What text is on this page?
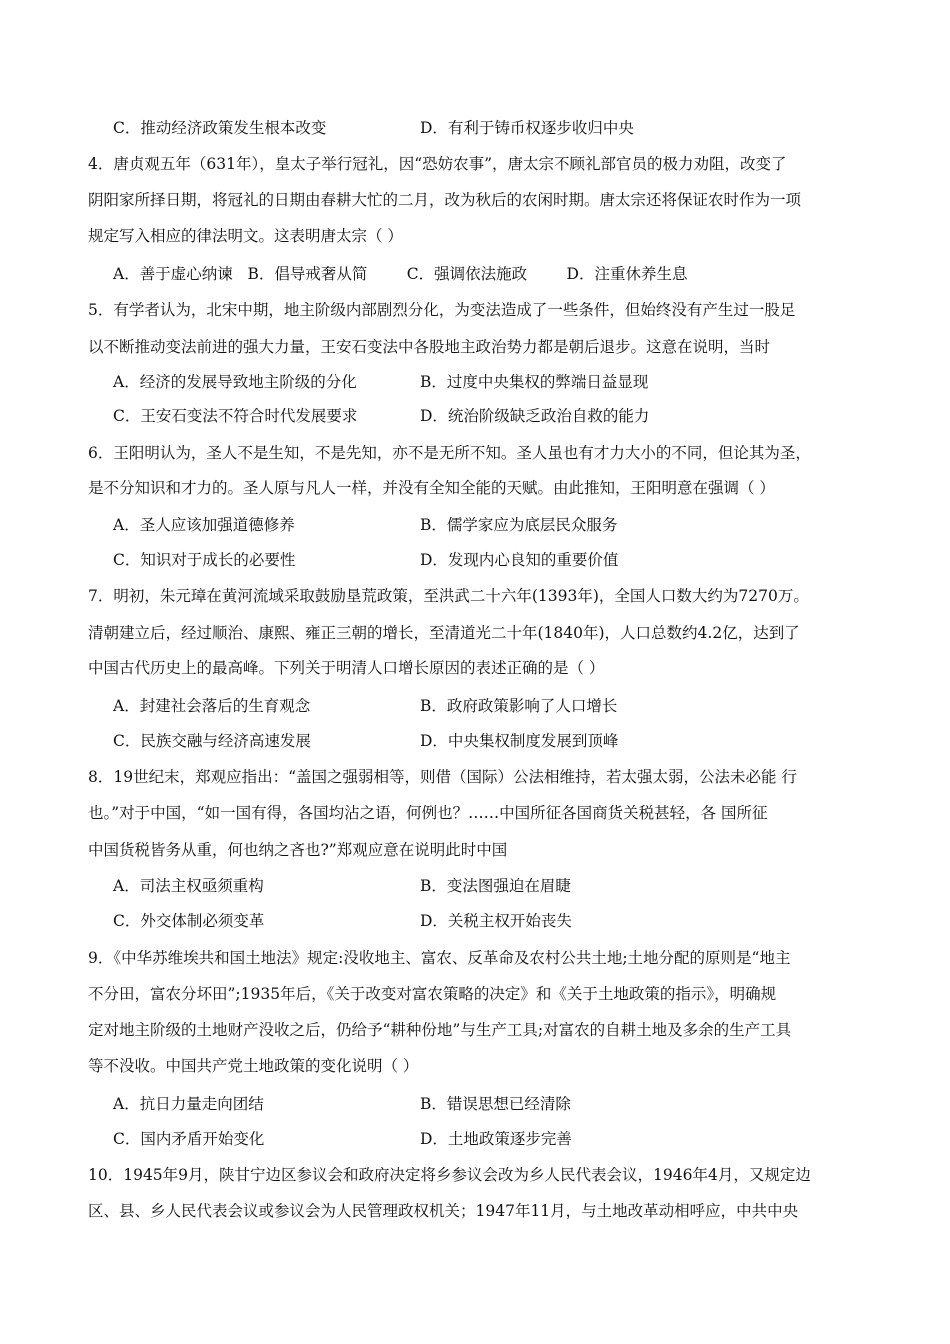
C．推动经济政策发生根本改变	D．有利于铸币权逐步收归中央
4．唐贞观五年（631年），皇太子举行冠礼，因“恐妨农事”，唐太宗不顾礼部官员的极力劝阻，改变了
阴阳家所择日期，将冠礼的日期由春耕大忙的二月，改为秋后的农闲时期。唐太宗还将保证农时作为一项
规定写入相应的律法明文。这表明唐太宗（ ）
A．善于虚心纳谏   B．倡导戒奢从简        C．强调依法施政        D．注重休养生息
5．有学者认为，北宋中期，地主阶级内部剧烈分化，为变法造成了一些条件，但始终没有产生过一股足
以不断推动变法前进的强大力量，王安石变法中各股地主政治势力都是朝后退步。这意在说明，当时
A．经济的发展导致地主阶级的分化	B．过度中央集权的弊端日益显现
C．王安石变法不符合时代发展要求	D．统治阶级缺乏政治自救的能力
6．王阳明认为，圣人不是生知，不是先知，亦不是无所不知。圣人虽也有才力大小的不同，但论其为圣，
是不分知识和才力的。圣人原与凡人一样，并没有全知全能的天赋。由此推知，王阳明意在强调（ ）
A．圣人应该加强道德修养	B．儒学家应为底层民众服务
C．知识对于成长的必要性	D．发现内心良知的重要价值
7．明初，朱元璋在黄河流域采取鼓励垦荒政策，至洪武二十六年(1393年)，全国人口数大约为7270万。
清朝建立后，经过顺治、康熙、雍正三朝的增长，至清道光二十年(1840年)，人口总数约4.2亿，达到了
中国古代历史上的最高峰。下列关于明清人口增长原因的表述正确的是（ ）
A．封建社会落后的生育观念	B．政府政策影响了人口增长
C．民族交融与经济高速发展	D．中央集权制度发展到顶峰
8．19世纪末，郑观应指出：“盖国之强弱相等，则借（国际）公法相维持，若太强太弱，公法未必能 行
也。”对于中国，“如一国有得，各国均沾之语，何例也？……中国所征各国商货关税甚轻，各 国所征
中国货税皆务从重，何也纳之吝也?”郑观应意在说明此时中国
A．司法主权亟须重构	B．变法图强迫在眉睫
C．外交体制必须变革	D．关税主权开始丧失
9．《中华苏维埃共和国土地法》规定:没收地主、富农、反革命及农村公共土地;土地分配的原则是“地主
不分田，富农分坏田”;1935年后，《关于改变对富农策略的决定》和《关于土地政策的指示》，明确规
定对地主阶级的土地财产没收之后，仍给予“耕种份地”与生产工具;对富农的自耕土地及多余的生产工具
等不没收。中国共产党土地政策的变化说明（ ）
A．抗日力量走向团结	B．错误思想已经清除
C．国内矛盾开始变化	D．土地政策逐步完善
10．1945年9月，陕甘宁边区参议会和政府决定将乡参议会改为乡人民代表会议，1946年4月，又规定边
区、县、乡人民代表会议或参议会为人民管理政权机关；1947年11月，与土地改革动相呼应，中共中央
